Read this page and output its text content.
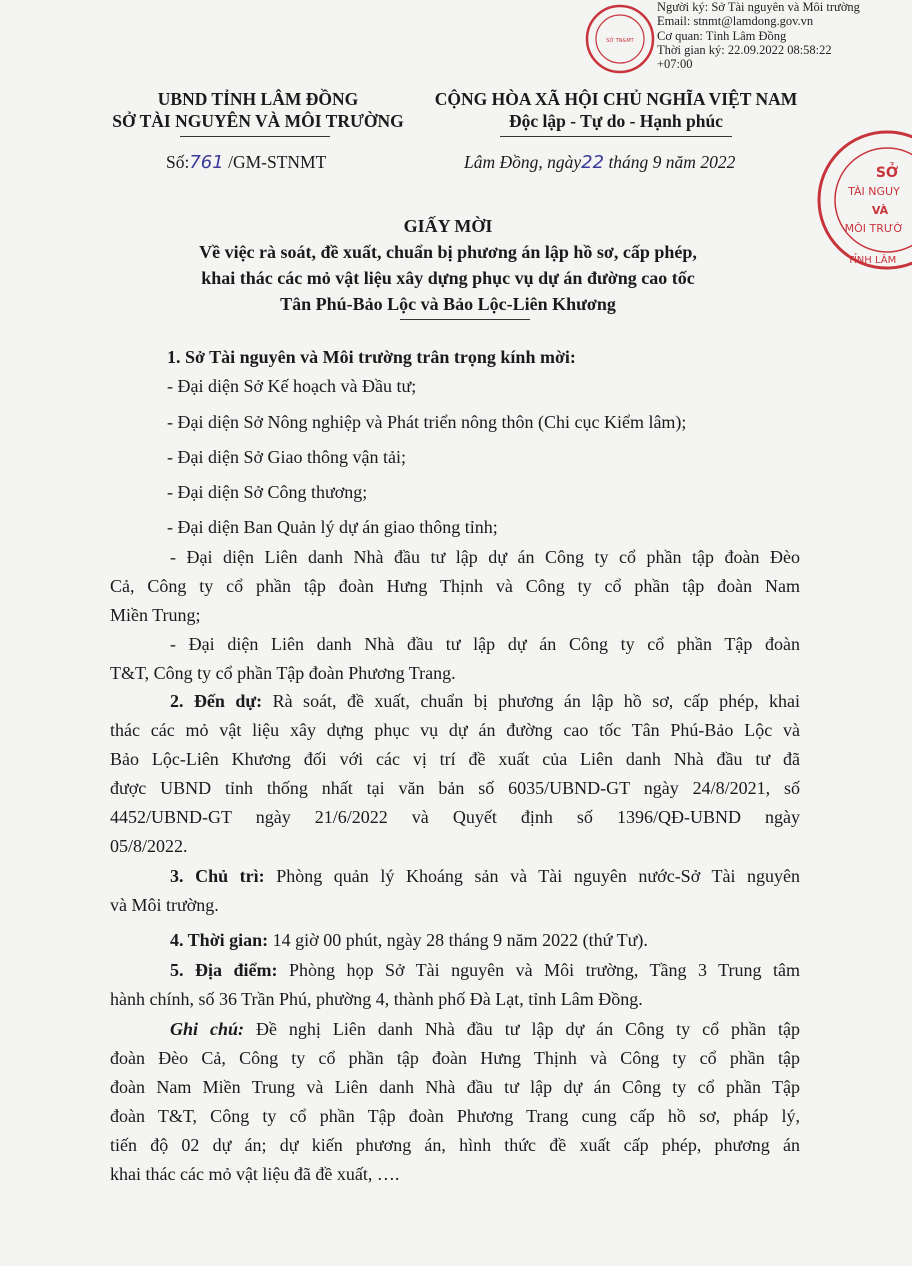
SỞ TN&MT
Người ký: Sở Tài nguyên và Môi trường
Email: stnmt@lamdong.gov.vn
Cơ quan: Tỉnh Lâm Đồng
Thời gian ký: 22.09.2022 08:58:22
+07:00
SỞ
TÀI NGUY
VÀ
MÔI TRƯỜ
TỈNH LÂM
UBND TỈNH LÂM ĐỒNG
SỞ TÀI NGUYÊN VÀ MÔI TRƯỜNG
CỘNG HÒA XÃ HỘI CHỦ NGHĨA VIỆT NAM
Độc lập - Tự do - Hạnh phúc
Số:761 /GM-STNMT	Lâm Đồng, ngày22 tháng 9 năm 2022
GIẤY MỜI
Về việc rà soát, đề xuất, chuẩn bị phương án lập hồ sơ, cấp phép,
khai thác các mỏ vật liệu xây dựng phục vụ dự án đường cao tốc
Tân Phú-Bảo Lộc và Bảo Lộc-Liên Khương
1. Sở Tài nguyên và Môi trường trân trọng kính mời:
- Đại diện Sở Kế hoạch và Đầu tư;
- Đại diện Sở Nông nghiệp và Phát triển nông thôn (Chi cục Kiểm lâm);
- Đại diện Sở Giao thông vận tải;
- Đại diện Sở Công thương;
- Đại diện Ban Quản lý dự án giao thông tỉnh;
- Đại diện Liên danh Nhà đầu tư lập dự án Công ty cổ phần tập đoàn Đèo
Cả, Công ty cổ phần tập đoàn Hưng Thịnh và Công ty cổ phần tập đoàn Nam
Miền Trung;
- Đại diện Liên danh Nhà đầu tư lập dự án Công ty cổ phần Tập đoàn
T&T, Công ty cổ phần Tập đoàn Phương Trang.
2. Đến dự: Rà soát, đề xuất, chuẩn bị phương án lập hồ sơ, cấp phép, khai
thác các mỏ vật liệu xây dựng phục vụ dự án đường cao tốc Tân Phú-Bảo Lộc và
Bảo Lộc-Liên Khương đối với các vị trí đề xuất của Liên danh Nhà đầu tư đã
được UBND tỉnh thống nhất tại văn bản số 6035/UBND-GT ngày 24/8/2021, số
4452/UBND-GT ngày 21/6/2022 và Quyết định số 1396/QĐ-UBND ngày
05/8/2022.
3. Chủ trì: Phòng quản lý Khoáng sản và Tài nguyên nước-Sở Tài nguyên
và Môi trường.
4. Thời gian: 14 giờ 00 phút, ngày 28 tháng 9 năm 2022 (thứ Tư).
5. Địa điểm: Phòng họp Sở Tài nguyên và Môi trường, Tầng 3 Trung tâm
hành chính, số 36 Trần Phú, phường 4, thành phố Đà Lạt, tỉnh Lâm Đồng.
Ghi chú: Đề nghị Liên danh Nhà đầu tư lập dự án Công ty cổ phần tập
đoàn Đèo Cả, Công ty cổ phần tập đoàn Hưng Thịnh và Công ty cổ phần tập
đoàn Nam Miền Trung và Liên danh Nhà đầu tư lập dự án Công ty cổ phần Tập
đoàn T&T, Công ty cổ phần Tập đoàn Phương Trang cung cấp hồ sơ, pháp lý,
tiến độ 02 dự án; dự kiến phương án, hình thức đề xuất cấp phép, phương án
khai thác các mỏ vật liệu đã đề xuất, ….
